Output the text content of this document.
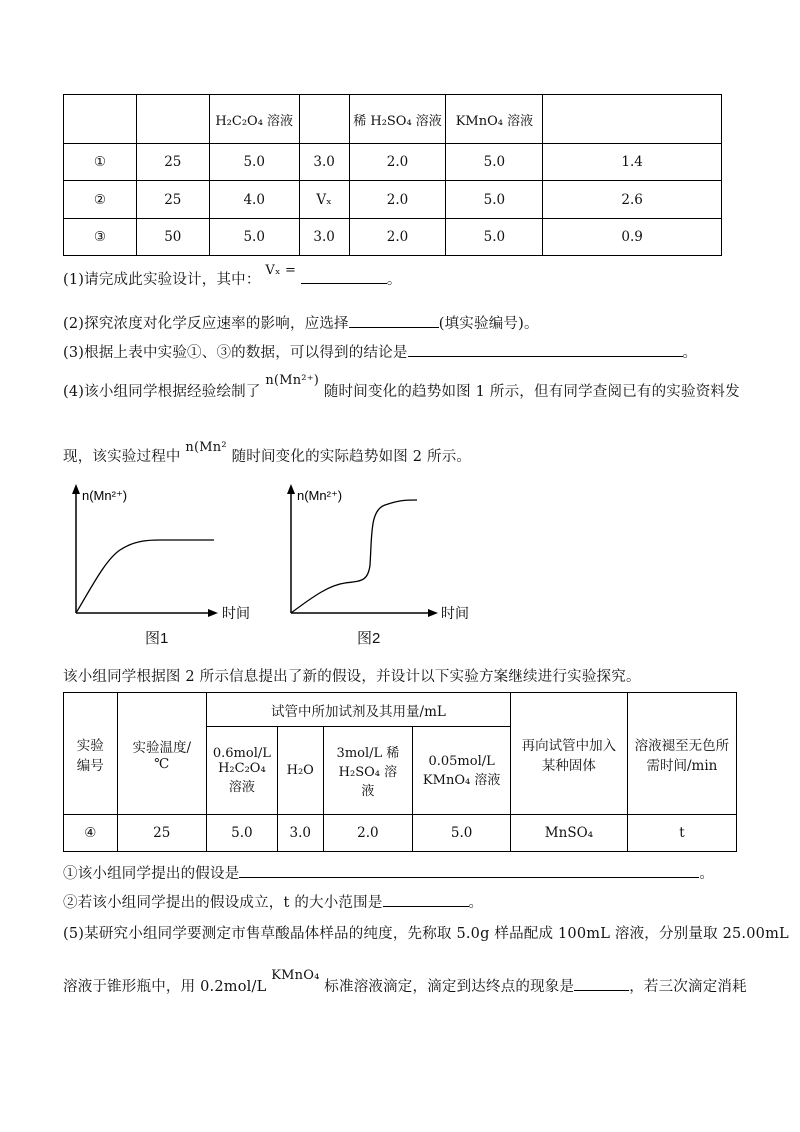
		H₂C₂O₄ 溶液		稀 H₂SO₄ 溶液	KMnO₄ 溶液	
①	25	5.0	3.0	2.0	5.0	1.4
②	25	4.0	Vₓ	2.0	5.0	2.6
③	50	5.0	3.0	2.0	5.0	0.9
(1)请完成此实验设计，其中： Vₓ = 。
(2)探究浓度对化学反应速率的影响，应选择	(填实验编号)。
(3)根据上表中实验①、③的数据，可以得到的结论是	。
(4)该小组同学根据经验绘制了 n(Mn²⁺) 随时间变化的趋势如图 1 所示，但有同学查阅已有的实验资料发
现，该实验过程中 n(Mn² 随时间变化的实际趋势如图 2 所示。
n(Mn²⁺)
时间
图1
n(Mn²⁺)
时间
图2
该小组同学根据图 2 所示信息提出了新的假设，并设计以下实验方案继续进行实验探究。
实验编号	实验温度/℃	试管中所加试剂及其用量/mL				再向试管中加入某种固体	溶液褪至无色所需时间/min
		0.6mol/L H₂C₂O₄ 溶液	H₂O	3mol/L 稀 H₂SO₄ 溶液	0.05mol/L KMnO₄ 溶液		
④	25	5.0	3.0	2.0	5.0	MnSO₄	t
①该小组同学提出的假设是	。
②若该小组同学提出的假设成立，t 的大小范围是	。
(5)某研究小组同学要测定市售草酸晶体样品的纯度，先称取 5.0g 样品配成 100mL 溶液，分别量取 25.00mL
溶液于锥形瓶中，用 0.2mol/L KMnO₄ 标准溶液滴定，滴定到达终点的现象是	，若三次滴定消耗
